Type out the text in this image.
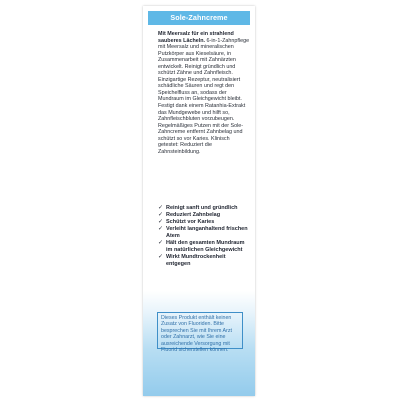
Sole-Zahncreme

Mit Meersalz für ein strahlend sauberes Lächeln. 6-in-1-Zahnpflege mit Meersalz und mineralischen Putzkörper aus Kieselsäure, in Zusammenarbeit mit Zahnärzten entwickelt. Reinigt gründlich und schützt Zähne und Zahnfleisch. Einzigartige Rezeptur, neutralisiert schädliche Säuren und regt den Speichelfluss an, sodass der Mundraum im Gleichgewicht bleibt. Festigt dank einem Ratanhia-Extrakt das Mundgewebe und hilft so, Zahnfleischbluten vorzubeugen.

Regelmäßiges Putzen mit der Sole-Zahncreme entfernt Zahnbelag und schützt so vor Karies. Klinisch getestet: Reduziert die Zahnsteinbildung.

✓ Reinigt sanft und gründlich
✓ Reduziert Zahnbelag
✓ Schützt vor Karies
✓ Verleiht langanhaltend frischen Atem
✓ Hält den gesamten Mundraum im natürlichen Gleichgewicht
✓ Wirkt Mundtrockenheit entgegen
Dieses Produkt enthält keinen Zusatz von Fluoriden. Bitte besprechen Sie mit Ihrem Arzt oder Zahnarzt, wie Sie eine ausreichende Versorgung mit Fluorid sicherstellen können.
